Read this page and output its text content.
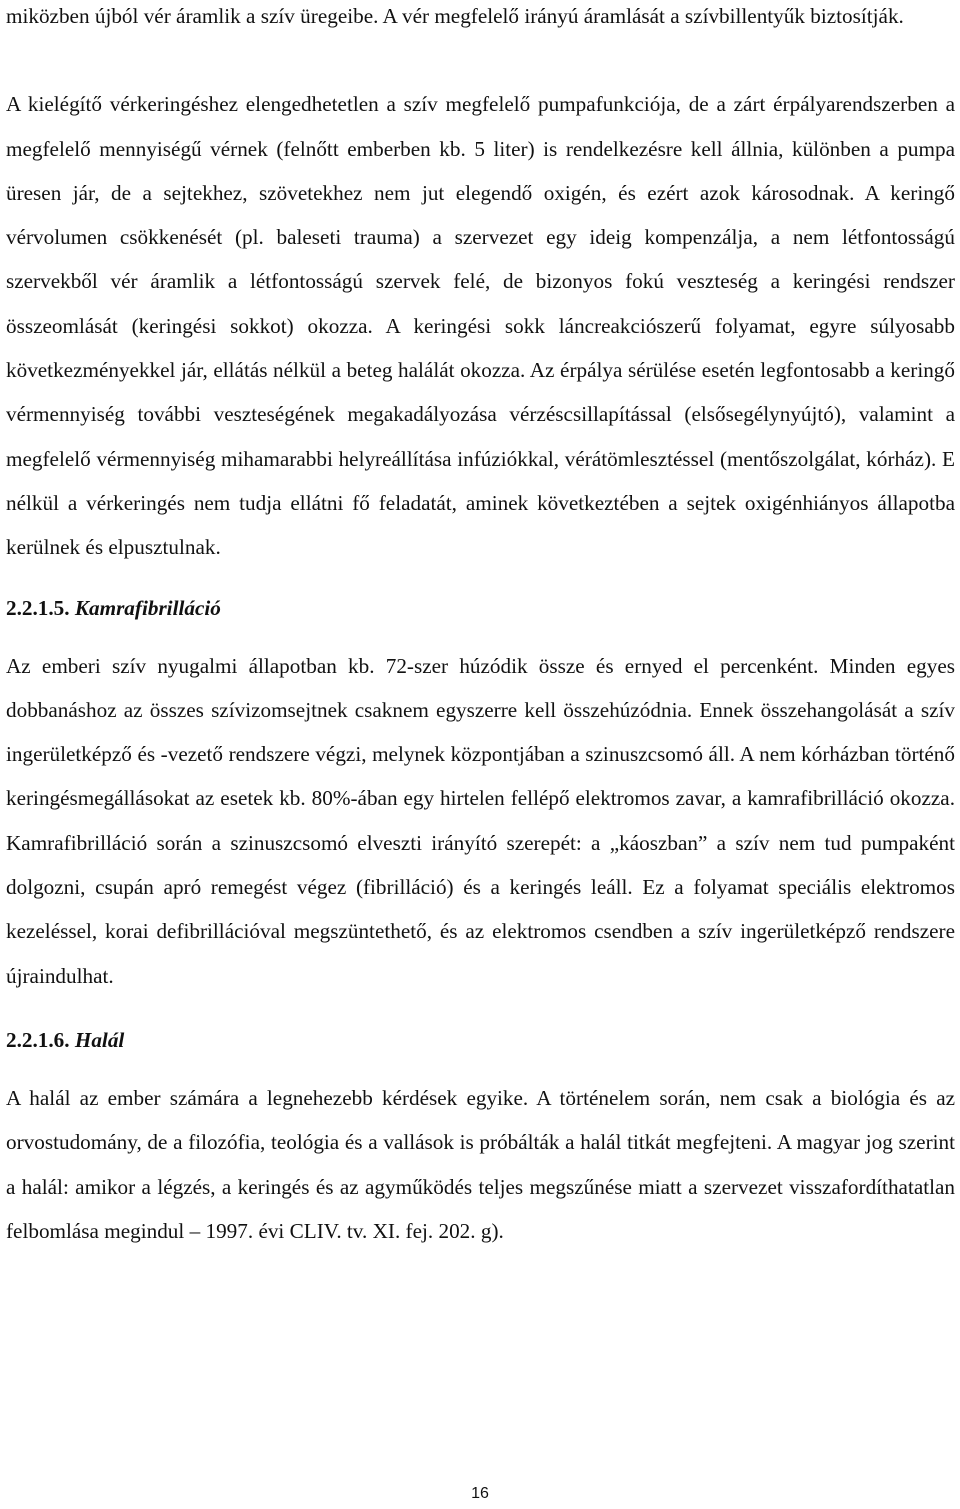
miközben újból vér áramlik a szív üregeibe. A vér megfelelő irányú áramlását a szívbillentyűk biztosítják.

A kielégítő vérkeringéshez elengedhetetlen a szív megfelelő pumpafunkciója, de a zárt érpályarendszerben a megfelelő mennyiségű vérnek (felnőtt emberben kb. 5 liter) is rendelkezésre kell állnia, különben a pumpa üresen jár, de a sejtekhez, szövetekhez nem jut elegendő oxigén, és ezért azok károsodnak. A keringő vérvolumen csökkenését (pl. baleseti trauma) a szervezet egy ideig kompenzálja, a nem létfontosságú szervekből vér áramlik a létfontosságú szervek felé, de bizonyos fokú veszteség a keringési rendszer összeomlását (keringési sokkot) okozza. A keringési sokk láncreakciószerű folyamat, egyre súlyosabb következményekkel jár, ellátás nélkül a beteg halálát okozza. Az érpálya sérülése esetén legfontosabb a keringő vérmennyiség további veszteségének megakadályozása vérzéscsillapítással (elsősegélynyújtó), valamint a megfelelő vérmennyiség mihamarabbi helyreállítása infúziókkal, vérátömlesztéssel (mentőszolgálat, kórház). E nélkül a vérkeringés nem tudja ellátni fő feladatát, aminek következtében a sejtek oxigénhiányos állapotba kerülnek és elpusztulnak.

2.2.1.5. Kamrafibrilláció

Az emberi szív nyugalmi állapotban kb. 72-szer húzódik össze és ernyed el percenként. Minden egyes dobbanáshoz az összes szívizomsejtnek csaknem egyszerre kell összehúzódnia. Ennek összehangolását a szív ingerületképző és -vezető rendszere végzi, melynek központjában a szinuszcsomó áll. A nem kórházban történő keringésmegállásokat az esetek kb. 80%-ában egy hirtelen fellépő elektromos zavar, a kamrafibrilláció okozza. Kamrafibrilláció során a szinuszcsomó elveszti irányító szerepét: a „káoszban” a szív nem tud pumpaként dolgozni, csupán apró remegést végez (fibrilláció) és a keringés leáll. Ez a folyamat speciális elektromos kezeléssel, korai defibrillációval megszüntethető, és az elektromos csendben a szív ingerületképző rendszere újraindulhat.

2.2.1.6. Halál

A halál az ember számára a legnehezebb kérdések egyike. A történelem során, nem csak a biológia és az orvostudomány, de a filozófia, teológia és a vallások is próbálták a halál titkát megfejteni. A magyar jog szerint a halál: amikor a légzés, a keringés és az agyműködés teljes megszűnése miatt a szervezet visszafordíthatatlan felbomlása megindul – 1997. évi CLIV. tv. XI. fej. 202. g).

16
